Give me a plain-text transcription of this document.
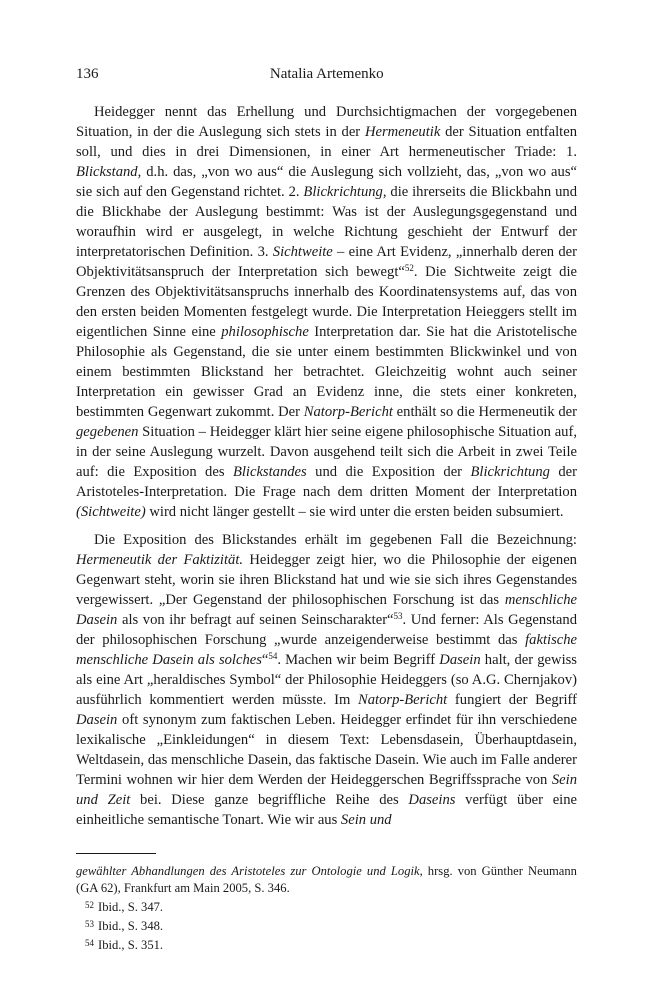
136	Natalia Artemenko

Heidegger nennt das Erhellung und Durchsichtigmachen der vorgegebenen Situation, in der die Auslegung sich stets in der Hermeneutik der Situation entfalten soll, und dies in drei Dimensionen, in einer Art hermeneutischer Triade: 1. Blickstand, d.h. das, „von wo aus“ die Auslegung sich vollzieht, das, „von wo aus“ sie sich auf den Gegenstand richtet. 2. Blickrichtung, die ihrerseits die Blickbahn und die Blickhabe der Auslegung bestimmt: Was ist der Auslegungsgegenstand und woraufhin wird er ausgelegt, in welche Richtung geschieht der Entwurf der interpretatorischen Definition. 3. Sichtweite – eine Art Evidenz, „innerhalb deren der Objektivitätsanspruch der Interpretation sich bewegt“$^{52}$. Die Sichtweite zeigt die Grenzen des Objektivitätsanspruchs innerhalb des Koordinatensystems auf, das von den ersten beiden Momenten festgelegt wurde. Die Interpretation Heieggers stellt im eigentlichen Sinne eine philosophische Interpretation dar. Sie hat die Aristotelische Philosophie als Gegenstand, die sie unter einem bestimmten Blickwinkel und von einem bestimmten Blickstand her betrachtet. Gleichzeitig wohnt auch seiner Interpretation ein gewisser Grad an Evidenz inne, die stets einer konkreten, bestimmten Gegenwart zukommt. Der Natorp-Bericht enthält so die Hermeneutik der gegebenen Situation – Heidegger klärt hier seine eigene philosophische Situation auf, in der seine Auslegung wurzelt. Davon ausgehend teilt sich die Arbeit in zwei Teile auf: die Exposition des Blickstandes und die Exposition der Blickrichtung der Aristoteles-Interpretation. Die Frage nach dem dritten Moment der Interpretation (Sichtweite) wird nicht länger gestellt – sie wird unter die ersten beiden subsumiert.

Die Exposition des Blickstandes erhält im gegebenen Fall die Bezeichnung: Hermeneutik der Faktizität. Heidegger zeigt hier, wo die Philosophie der eigenen Gegenwart steht, worin sie ihren Blickstand hat und wie sie sich ihres Gegenstandes vergewissert. „Der Gegenstand der philosophischen Forschung ist das menschliche Dasein als von ihr befragt auf seinen Seinscharakter“$^{53}$. Und ferner: Als Gegenstand der philosophischen Forschung „wurde anzeigenderweise bestimmt das faktische menschliche Dasein als solches“$^{54}$. Machen wir beim Begriff Dasein halt, der gewiss als eine Art „heraldisches Symbol“ der Philosophie Heideggers (so A.G. Chernjakov) ausführlich kommentiert werden müsste. Im Natorp-Bericht fungiert der Begriff Dasein oft synonym zum faktischen Leben. Heidegger erfindet für ihn verschiedene lexikalische „Einkleidungen“ in diesem Text: Lebensdasein, Überhauptdasein, Weltdasein, das menschliche Dasein, das faktische Dasein. Wie auch im Falle anderer Termini wohnen wir hier dem Werden der Heideggerschen Begriffssprache von Sein und Zeit bei. Diese ganze begriffliche Reihe des Daseins verfügt über eine einheitliche semantische Tonart. Wie wir aus Sein und

gewählter Abhandlungen des Aristoteles zur Ontologie und Logik, hrsg. von Günther Neumann (GA 62), Frankfurt am Main 2005, S. 346.

$^{52}$ Ibid., S. 347.

$^{53}$ Ibid., S. 348.

$^{54}$ Ibid., S. 351.
